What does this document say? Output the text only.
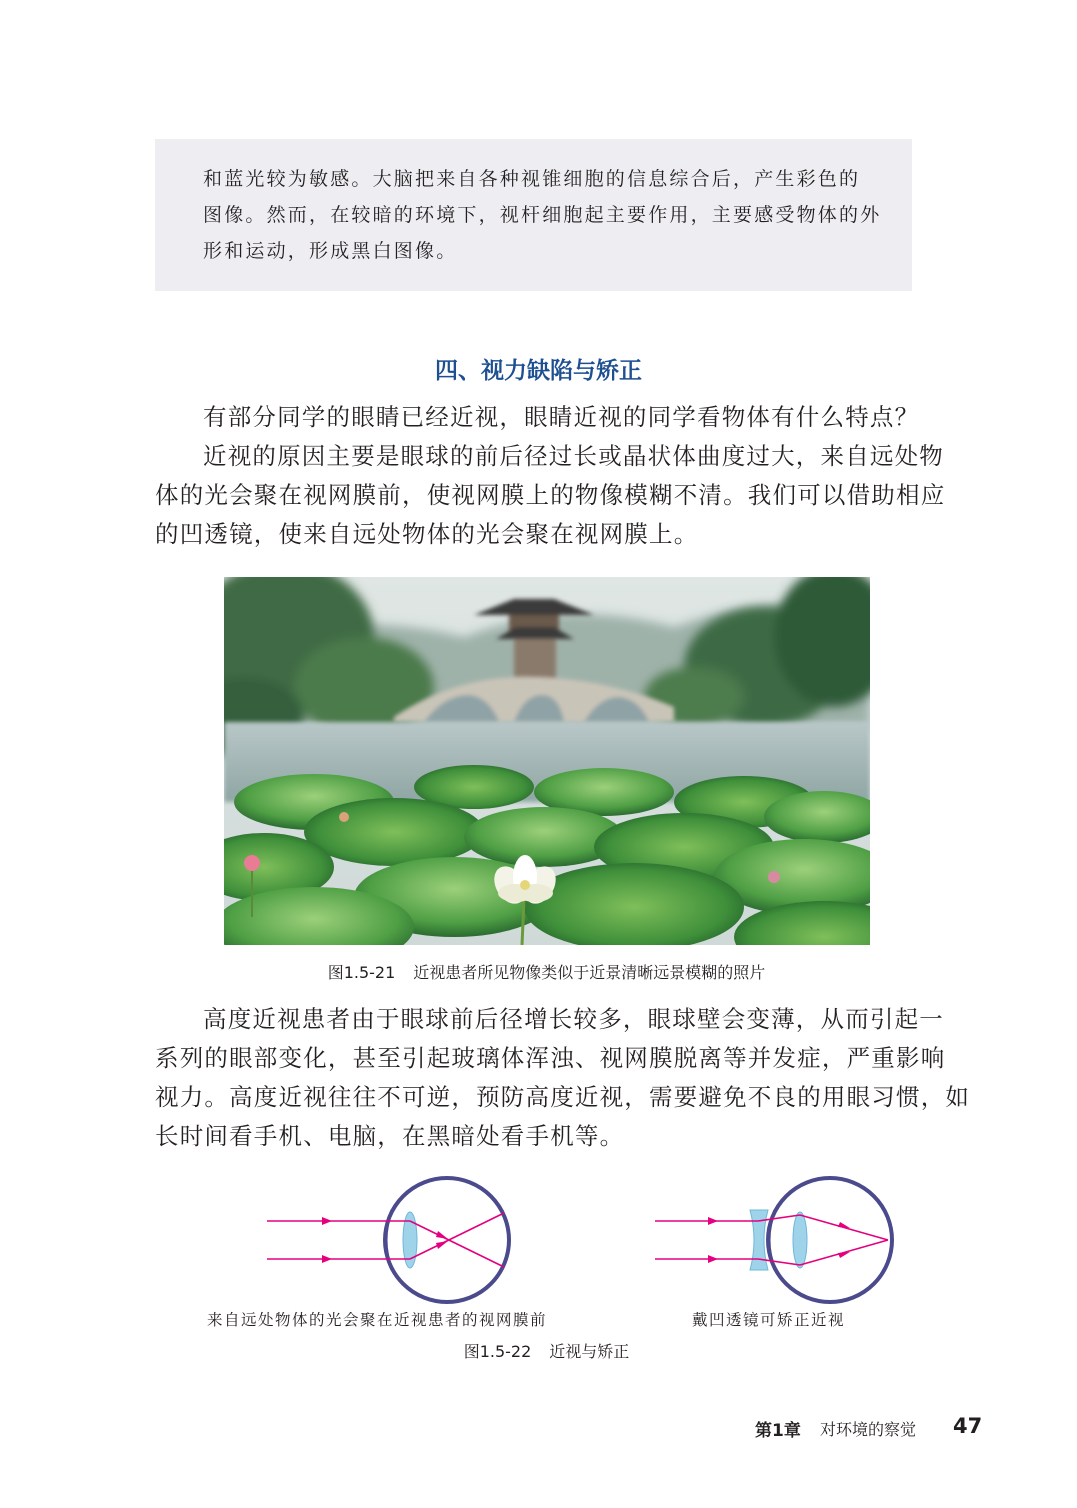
和蓝光较为敏感。大脑把来自各种视锥细胞的信息综合后，产生彩色的

图像。然而，在较暗的环境下，视杆细胞起主要作用，主要感受物体的外

形和运动，形成黑白图像。

四、视力缺陷与矫正
有部分同学的眼睛已经近视，眼睛近视的同学看物体有什么特点？
近视的原因主要是眼球的前后径过长或晶状体曲度过大，来自远处物
体的光会聚在视网膜前，使视网膜上的物像模糊不清。我们可以借助相应
的凹透镜，使来自远处物体的光会聚在视网膜上。
图1.5-21 近视患者所见物像类似于近景清晰远景模糊的照片
高度近视患者由于眼球前后径增长较多，眼球壁会变薄，从而引起一
系列的眼部变化，甚至引起玻璃体浑浊、视网膜脱离等并发症，严重影响
视力。高度近视往往不可逆，预防高度近视，需要避免不良的用眼习惯，如
长时间看手机、电脑，在黑暗处看手机等。
来自远处物体的光会聚在近视患者的视网膜前	戴凹透镜可矫正近视
图1.5-22 近视与矫正
第1章 对环境的察觉 47
